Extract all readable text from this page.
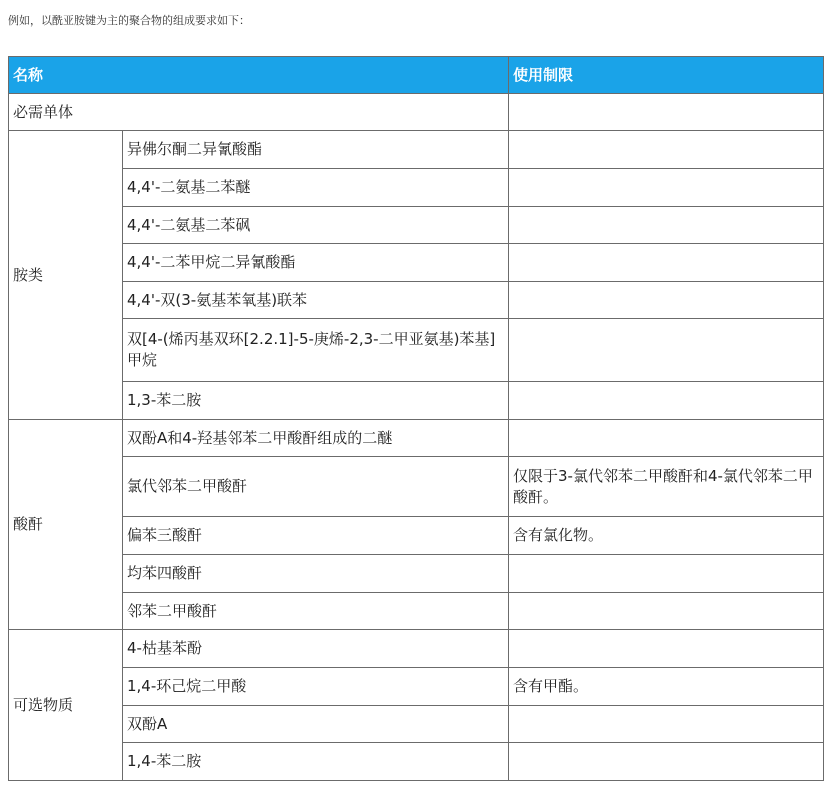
例如，以酰亚胺键为主的聚合物的组成要求如下：
名称		使用制限
必需单体		
胺类	异佛尔酮二异氰酸酯	
	4,4'-二氨基二苯醚	
	4,4'-二氨基二苯砜	
	4,4'-二苯甲烷二异氰酸酯	
	4,4'-双(3-氨基苯氧基)联苯	
	双[4-(烯丙基双环[2.2.1]-5-庚烯-2,3-二甲亚氨基)苯基]甲烷	
	1,3-苯二胺	
酸酐	双酚A和4-羟基邻苯二甲酸酐组成的二醚	
	氯代邻苯二甲酸酐	仅限于3-氯代邻苯二甲酸酐和4-氯代邻苯二甲酸酐。
	偏苯三酸酐	含有氯化物。
	均苯四酸酐	
	邻苯二甲酸酐	
可选物质	4-枯基苯酚	
	1,4-环己烷二甲酸	含有甲酯。
	双酚A	
	1,4-苯二胺	
